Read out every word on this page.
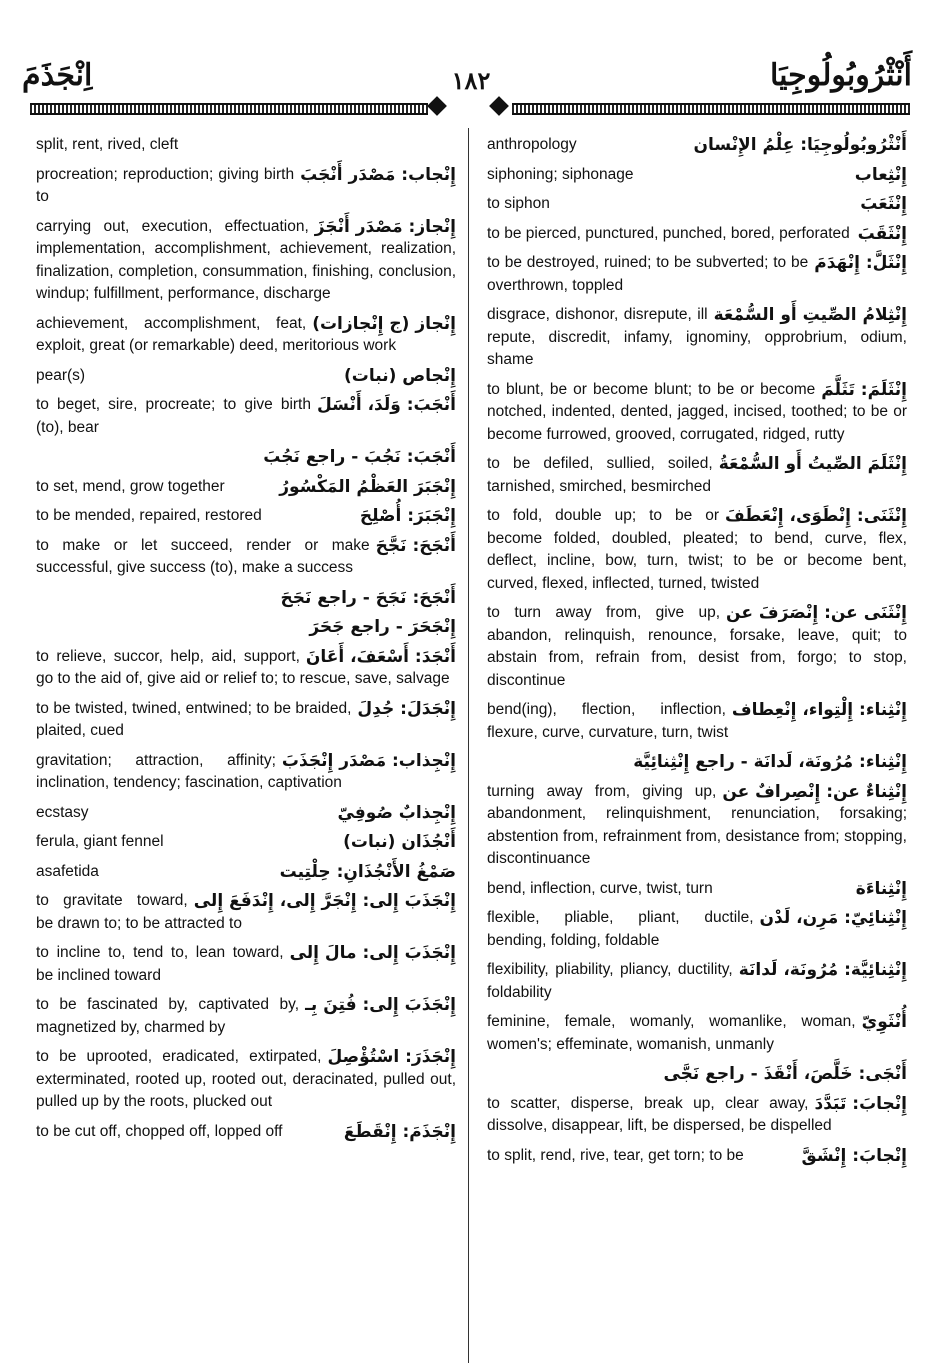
اِنْجَذَمَ	١٨٢	أَنْثْرُوبُولُوجِيَا
split, rent, rived, cleft
إِنْجاب: مَصْدَر أَنْجَبَ
procreation; reproduction; giving birth to
إِنْجاز: مَصْدَر أَنْجَزَ
carrying out, execution, effectuation, implementation, accomplishment, achievement, realization, finalization, completion, consummation, finishing, conclusion, windup; fulfillment, performance, discharge
إِنْجاز (ج إِنْجازات)
achievement, accomplishment, feat, exploit, great (or remarkable) deed, meritorious work
إِنْجاص (نبات)
pear(s)
أَنْجَبَ: وَلَدَ، أَنْسَلَ
to beget, sire, procreate; to give birth (to), bear
أَنْجَبَ: نَجُبَ - راجع نَجُبَ
إِنْجَبَرَ العَظْمُ المَكْسُورُ
to set, mend, grow together
إِنْجَبَرَ: أُصْلِحَ
to be mended, repaired, restored
أَنْجَحَ: نَجَّحَ
to make or let succeed, render or make successful, give success (to), make a success
أَنْجَحَ: نَجَحَ - راجع نَجَحَ
إِنْجَحَرَ - راجع جَحَرَ
أَنْجَدَ: أَسْعَفَ، أَعَانَ
to relieve, succor, help, aid, support, go to the aid of, give aid or relief to; to rescue, save, salvage
إِنْجَدَلَ: جُدِلَ
to be twisted, twined, entwined; to be braided, plaited, cued
إِنْجِذاب: مَصْدَر إِنْجَذَبَ
gravitation; attraction, affinity; inclination, tendency; fascination, captivation
إِنْجِذابٌ صُوفِيّ
ecstasy
أَنْجُذَان (نبات)
ferula, giant fennel
صَمْغُ الأَنْجُذَانِ: حِلْتِيت
asafetida
إِنْجَذَبَ إِلى: إِنْجَرَّ إِلى، إِنْدَفَعَ إِلى
to gravitate toward, be drawn to; to be attracted to
إِنْجَذَبَ إِلى: مالَ إِلى
to incline to, tend to, lean toward, be inclined toward
إِنْجَذَبَ إِلى: فُتِنَ بِـ
to be fascinated by, captivated by, magnetized by, charmed by
إِنْجَذَرَ: اسْتُؤْصِلَ
to be uprooted, eradicated, extirpated, exterminated, rooted up, rooted out, deracinated, pulled out, pulled up by the roots, plucked out
إِنْجَذَمَ: إِنْقَطَعَ
to be cut off, chopped off, lopped off
أَنْثْرُوبُولُوجِيَا: عِلْمُ الإِنْسان
anthropology
إِنْثِعاب
siphoning; siphonage
إِنْثَعَبَ
to siphon
إِنْثَقَبَ
to be pierced, punctured, punched, bored, perforated
إِنْثَلَّ: إِنْهَدَمَ
to be destroyed, ruined; to be subverted; to be overthrown, toppled
إِنْثِلامُ الصِّيتِ أَو السُّمْعَة
disgrace, dishonor, disrepute, ill repute, discredit, infamy, ignominy, opprobrium, odium, shame
إِنْثَلَمَ: تَثَلَّمَ
to blunt, be or become blunt; to be or become notched, indented, dented, jagged, incised, toothed; to be or become furrowed, grooved, corrugated, ridged, rutty
إِنْثَلَمَ الصِّيتُ أَو السُّمْعَةُ
to be defiled, sullied, soiled, tarnished, smirched, besmirched
إِنْثَنَى: إِنْطَوَى، إِنْعَطَفَ
to fold, double up; to be or become folded, doubled, pleated; to bend, curve, flex, deflect, incline, bow, turn, twist; to be or become bent, curved, flexed, inflected, turned, twisted
إِنْثَنَى عن: إِنْصَرَفَ عن
to turn away from, give up, abandon, relinquish, renounce, forsake, leave, quit; to abstain from, refrain from, desist from, forgo; to stop, discontinue
إِنْثِناء: إِلْتِواء، إِنْعِطاف
bend(ing), flection, inflection, flexure, curve, curvature, turn, twist
إِنْثِناء: مُرُونَة، لَدانَة - راجع إِنْثِنائِيَّة
إِنْثِناءٌ عن: إِنْصِرافٌ عن
turning away from, giving up, abandonment, relinquishment, renunciation, forsaking; abstention from, refrainment from, desistance from; stopping, discontinuance
إِنْثِناءَة
bend, inflection, curve, twist, turn
إِنْثِنائِيّ: مَرِن، لَدْن
flexible, pliable, pliant, ductile, bending, folding, foldable
إِنْثِنائِيَّة: مُرُونَة، لَدانَة
flexibility, pliability, pliancy, ductility, foldability
أُنْثَوِيّ
feminine, female, womanly, womanlike, woman, women's; effeminate, womanish, unmanly
أَنْجَى: خَلَّصَ، أَنْقَذَ - راجع نَجَّى
إِنْجابَ: تَبَدَّدَ
to scatter, disperse, break up, clear away, dissolve, disappear, lift, be dispersed, be dispelled
إِنْجابَ: إِنْشَقَّ
to split, rend, rive, tear, get torn; to be
